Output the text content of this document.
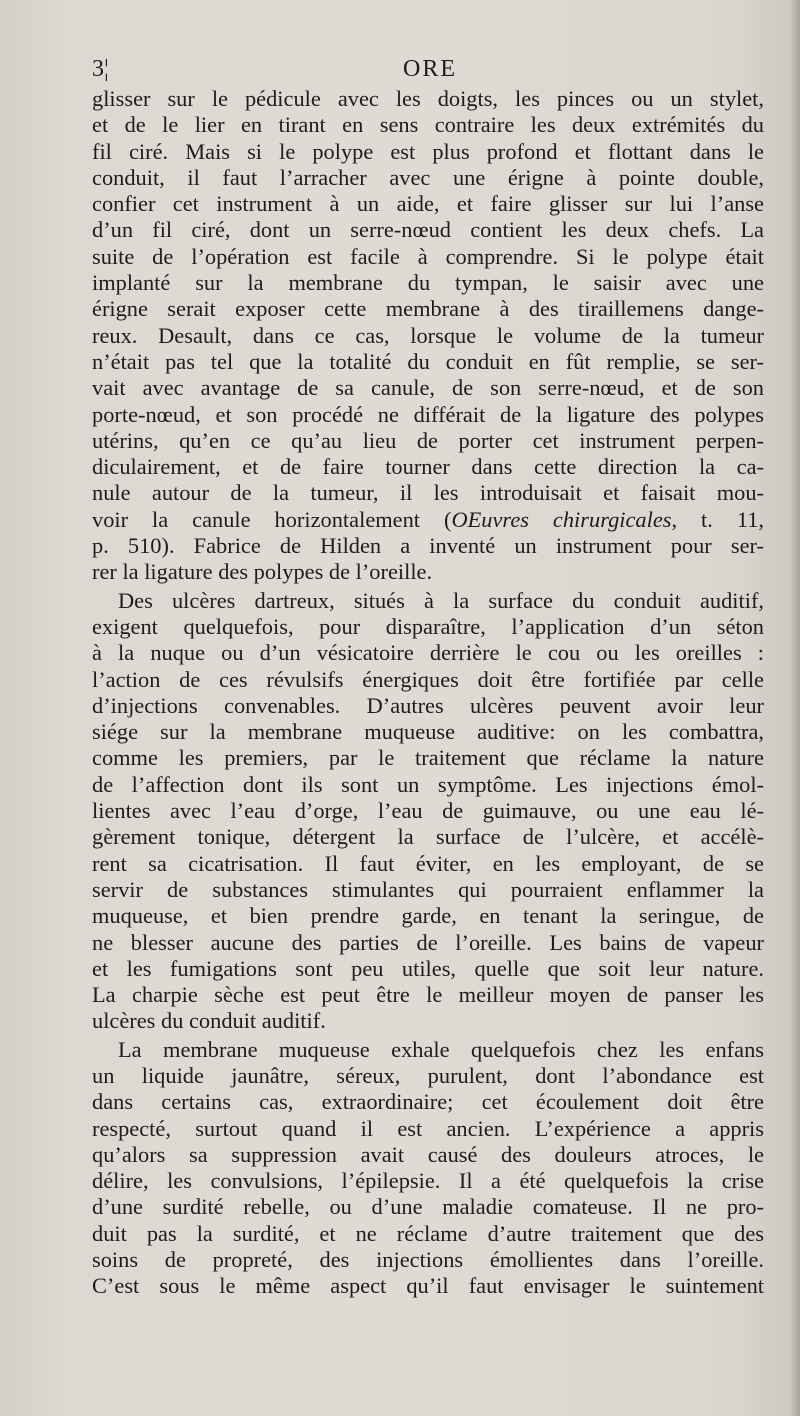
3¦	ORE
glisser sur le pédicule avec les doigts, les pinces ou un stylet,
et de le lier en tirant en sens contraire les deux extrémités du
fil ciré. Mais si le polype est plus profond et flottant dans le
conduit, il faut l’arracher avec une érigne à pointe double,
confier cet instrument à un aide, et faire glisser sur lui l’anse
d’un fil ciré, dont un serre-nœud contient les deux chefs. La
suite de l’opération est facile à comprendre. Si le polype était
implanté sur la membrane du tympan, le saisir avec une
érigne serait exposer cette membrane à des tiraillemens dange-
reux. Desault, dans ce cas, lorsque le volume de la tumeur
n’était pas tel que la totalité du conduit en fût remplie, se ser-
vait avec avantage de sa canule, de son serre-nœud, et de son
porte-nœud, et son procédé ne différait de la ligature des polypes
utérins, qu’en ce qu’au lieu de porter cet instrument perpen-
diculairement, et de faire tourner dans cette direction la ca-
nule autour de la tumeur, il les introduisait et faisait mou-
voir la canule horizontalement (OEuvres chirurgicales, t. 11,
p. 510). Fabrice de Hilden a inventé un instrument pour ser-
rer la ligature des polypes de l’oreille.
Des ulcères dartreux, situés à la surface du conduit auditif,
exigent quelquefois, pour disparaître, l’application d’un séton
à la nuque ou d’un vésicatoire derrière le cou ou les oreilles :
l’action de ces révulsifs énergiques doit être fortifiée par celle
d’injections convenables. D’autres ulcères peuvent avoir leur
siége sur la membrane muqueuse auditive: on les combattra,
comme les premiers, par le traitement que réclame la nature
de l’affection dont ils sont un symptôme. Les injections émol-
lientes avec l’eau d’orge, l’eau de guimauve, ou une eau lé-
gèrement tonique, détergent la surface de l’ulcère, et accélè-
rent sa cicatrisation. Il faut éviter, en les employant, de se
servir de substances stimulantes qui pourraient enflammer la
muqueuse, et bien prendre garde, en tenant la seringue, de
ne blesser aucune des parties de l’oreille. Les bains de vapeur
et les fumigations sont peu utiles, quelle que soit leur nature.
La charpie sèche est peut être le meilleur moyen de panser les
ulcères du conduit auditif.
La membrane muqueuse exhale quelquefois chez les enfans
un liquide jaunâtre, séreux, purulent, dont l’abondance est
dans certains cas, extraordinaire; cet écoulement doit être
respecté, surtout quand il est ancien. L’expérience a appris
qu’alors sa suppression avait causé des douleurs atroces, le
délire, les convulsions, l’épilepsie. Il a été quelquefois la crise
d’une surdité rebelle, ou d’une maladie comateuse. Il ne pro-
duit pas la surdité, et ne réclame d’autre traitement que des
soins de propreté, des injections émollientes dans l’oreille.
C’est sous le même aspect qu’il faut envisager le suintement
